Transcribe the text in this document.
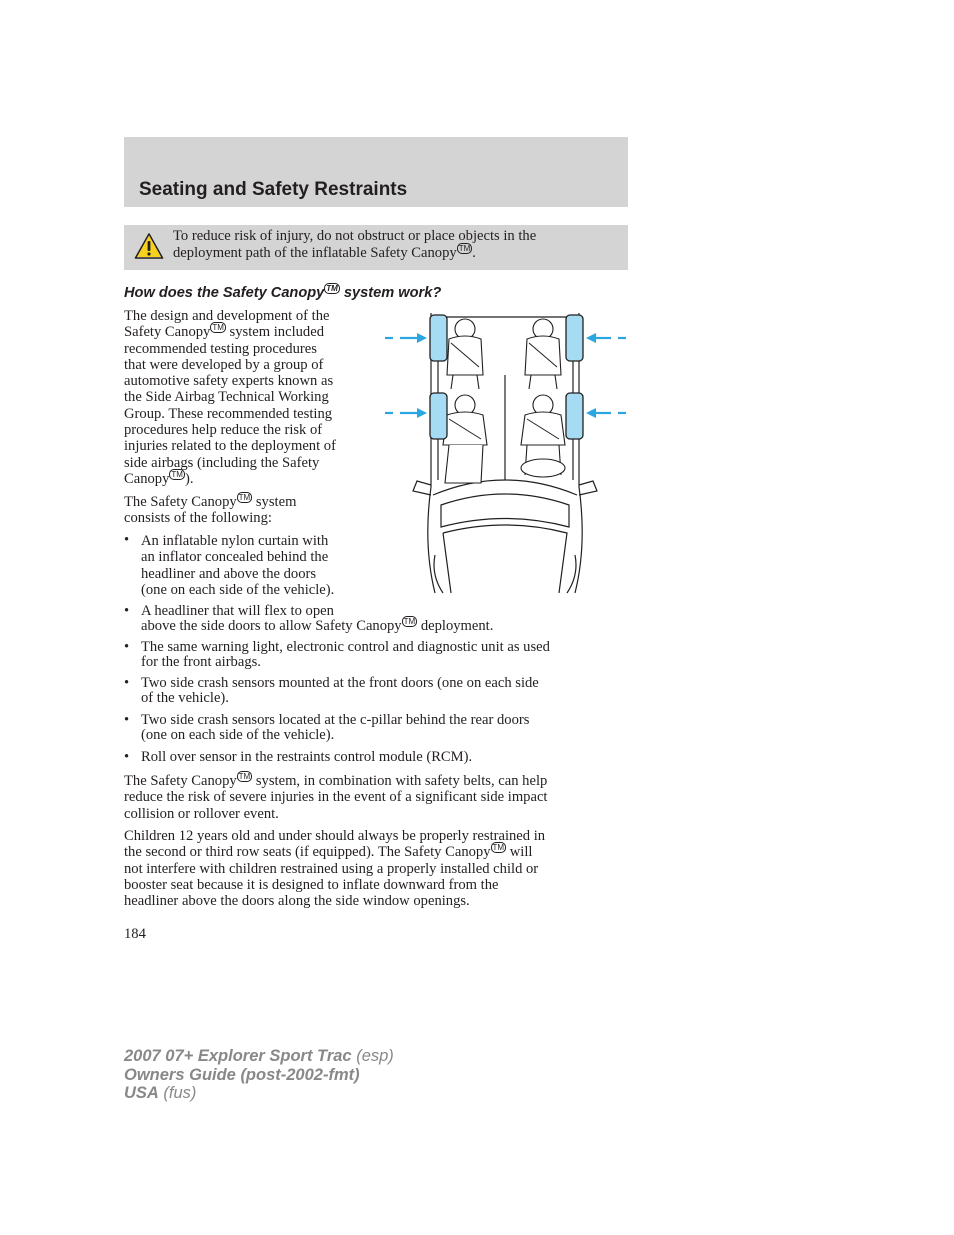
Seating and Safety Restraints
To reduce risk of injury, do not obstruct or place objects in the
deployment path of the inflatable Safety Canopy ™ .
How does the Safety Canopy ™ system work?
The design and development of the
Safety Canopy ™ system included
recommended testing procedures
that were developed by a group of
automotive safety experts known as
the Side Airbag Technical Working
Group. These recommended testing
procedures help reduce the risk of
injuries related to the deployment of
side airbags (including the Safety
Canopy ™ ).
The Safety Canopy ™ system
consists of the following:
• An inflatable nylon curtain with
an inflator concealed behind the
headliner and above the doors
(one on each side of the vehicle).
• A headliner that will flex to open
above the side doors to allow Safety Canopy ™ deployment.
• The same warning light, electronic control and diagnostic unit as used
for the front airbags.
• Two side crash sensors mounted at the front doors (one on each side
of the vehicle).
• Two side crash sensors located at the c-pillar behind the rear doors
(one on each side of the vehicle).
• Roll over sensor in the restraints control module (RCM).
The Safety Canopy ™ system, in combination with safety belts, can help
reduce the risk of severe injuries in the event of a significant side impact
collision or rollover event.
Children 12 years old and under should always be properly restrained in
the second or third row seats (if equipped). The Safety Canopy ™ will
not interfere with children restrained using a properly installed child or
booster seat because it is designed to inflate downward from the
headliner above the doors along the side window openings.
184
2007 07+ Explorer Sport Trac (esp)
Owners Guide (post-2002-fmt)
USA (fus)
